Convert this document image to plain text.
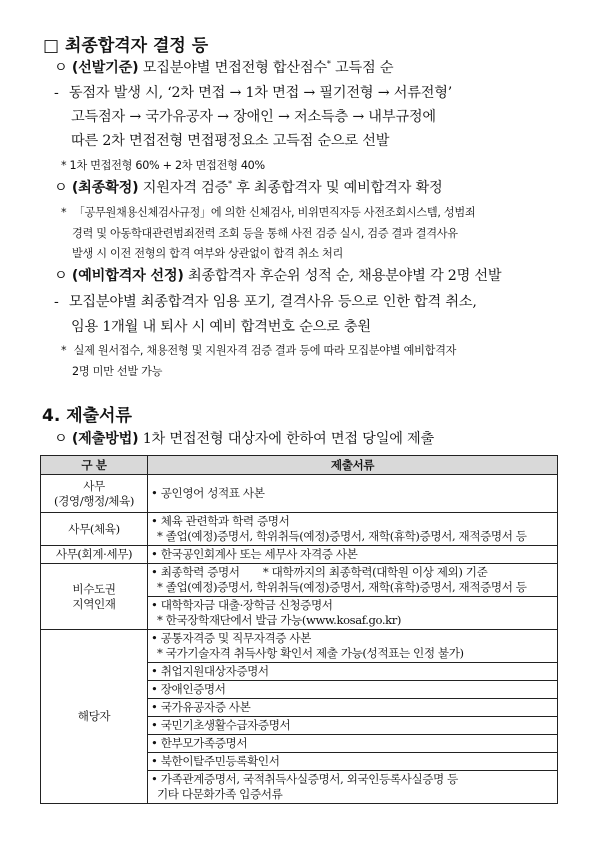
□ 최종합격자 결정 등
ㅇ (선발기준) 모집분야별 면접전형 합산점수* 고득점 순
- 동점자 발생 시, ‘2차 면접 → 1차 면접 → 필기전형 → 서류전형’
고득점자 → 국가유공자 → 장애인 → 저소득층 → 내부규정에
따른 2차 면접전형 면접평정요소 고득점 순으로 선발
* 1차 면접전형 60% + 2차 면접전형 40%
ㅇ (최종확정) 지원자격 검증* 후 최종합격자 및 예비합격자 확정
* 「공무원채용신체검사규정」에 의한 신체검사, 비위면직자등 사전조회시스템, 성범죄
경력 및 아동학대관련범죄전력 조회 등을 통해 사전 검증 실시, 검증 결과 결격사유
발생 시 이전 전형의 합격 여부와 상관없이 합격 취소 처리
ㅇ (예비합격자 선정) 최종합격자 후순위 성적 순, 채용분야별 각 2명 선발
- 모집분야별 최종합격자 임용 포기, 결격사유 등으로 인한 합격 취소,
임용 1개월 내 퇴사 시 예비 합격번호 순으로 충원
* 실제 원서접수, 채용전형 및 지원자격 검증 결과 등에 따라 모집분야별 예비합격자
2명 미만 선발 가능
4. 제출서류
ㅇ (제출방법) 1차 면접전형 대상자에 한하여 면접 당일에 제출
구 분	제출서류

사무
(경영/행정/체육)	• 공인영어 성적표 사본

사무(체육)	• 체육 관련학과 학력 증명서
* 졸업(예정)증명서, 학위취득(예정)증명서, 재학(휴학)증명서, 재적증명서 등

사무(회계·세무)	• 한국공인회계사 또는 세무사 자격증 사본

비수도권
지역인재	• 최종학력 증명서 * 대학까지의 최종학력(대학원 이상 제외) 기준
* 졸업(예정)증명서, 학위취득(예정)증명서, 재학(휴학)증명서, 재적증명서 등

	• 대학학자금 대출·장학금 신청증명서
* 한국장학재단에서 발급 가능(www.kosaf.go.kr)

해당자	• 공통자격증 및 직무자격증 사본
* 국가기술자격 취득사항 확인서 제출 가능(성적표는 인정 불가)

	• 취업지원대상자증명서
	• 장애인증명서
	• 국가유공자증 사본
	• 국민기초생활수급자증명서
	• 한부모가족증명서
	• 북한이탈주민등록확인서

	• 가족관계증명서, 국적취득사실증명서, 외국인등록사실증명 등
기타 다문화가족 입증서류
